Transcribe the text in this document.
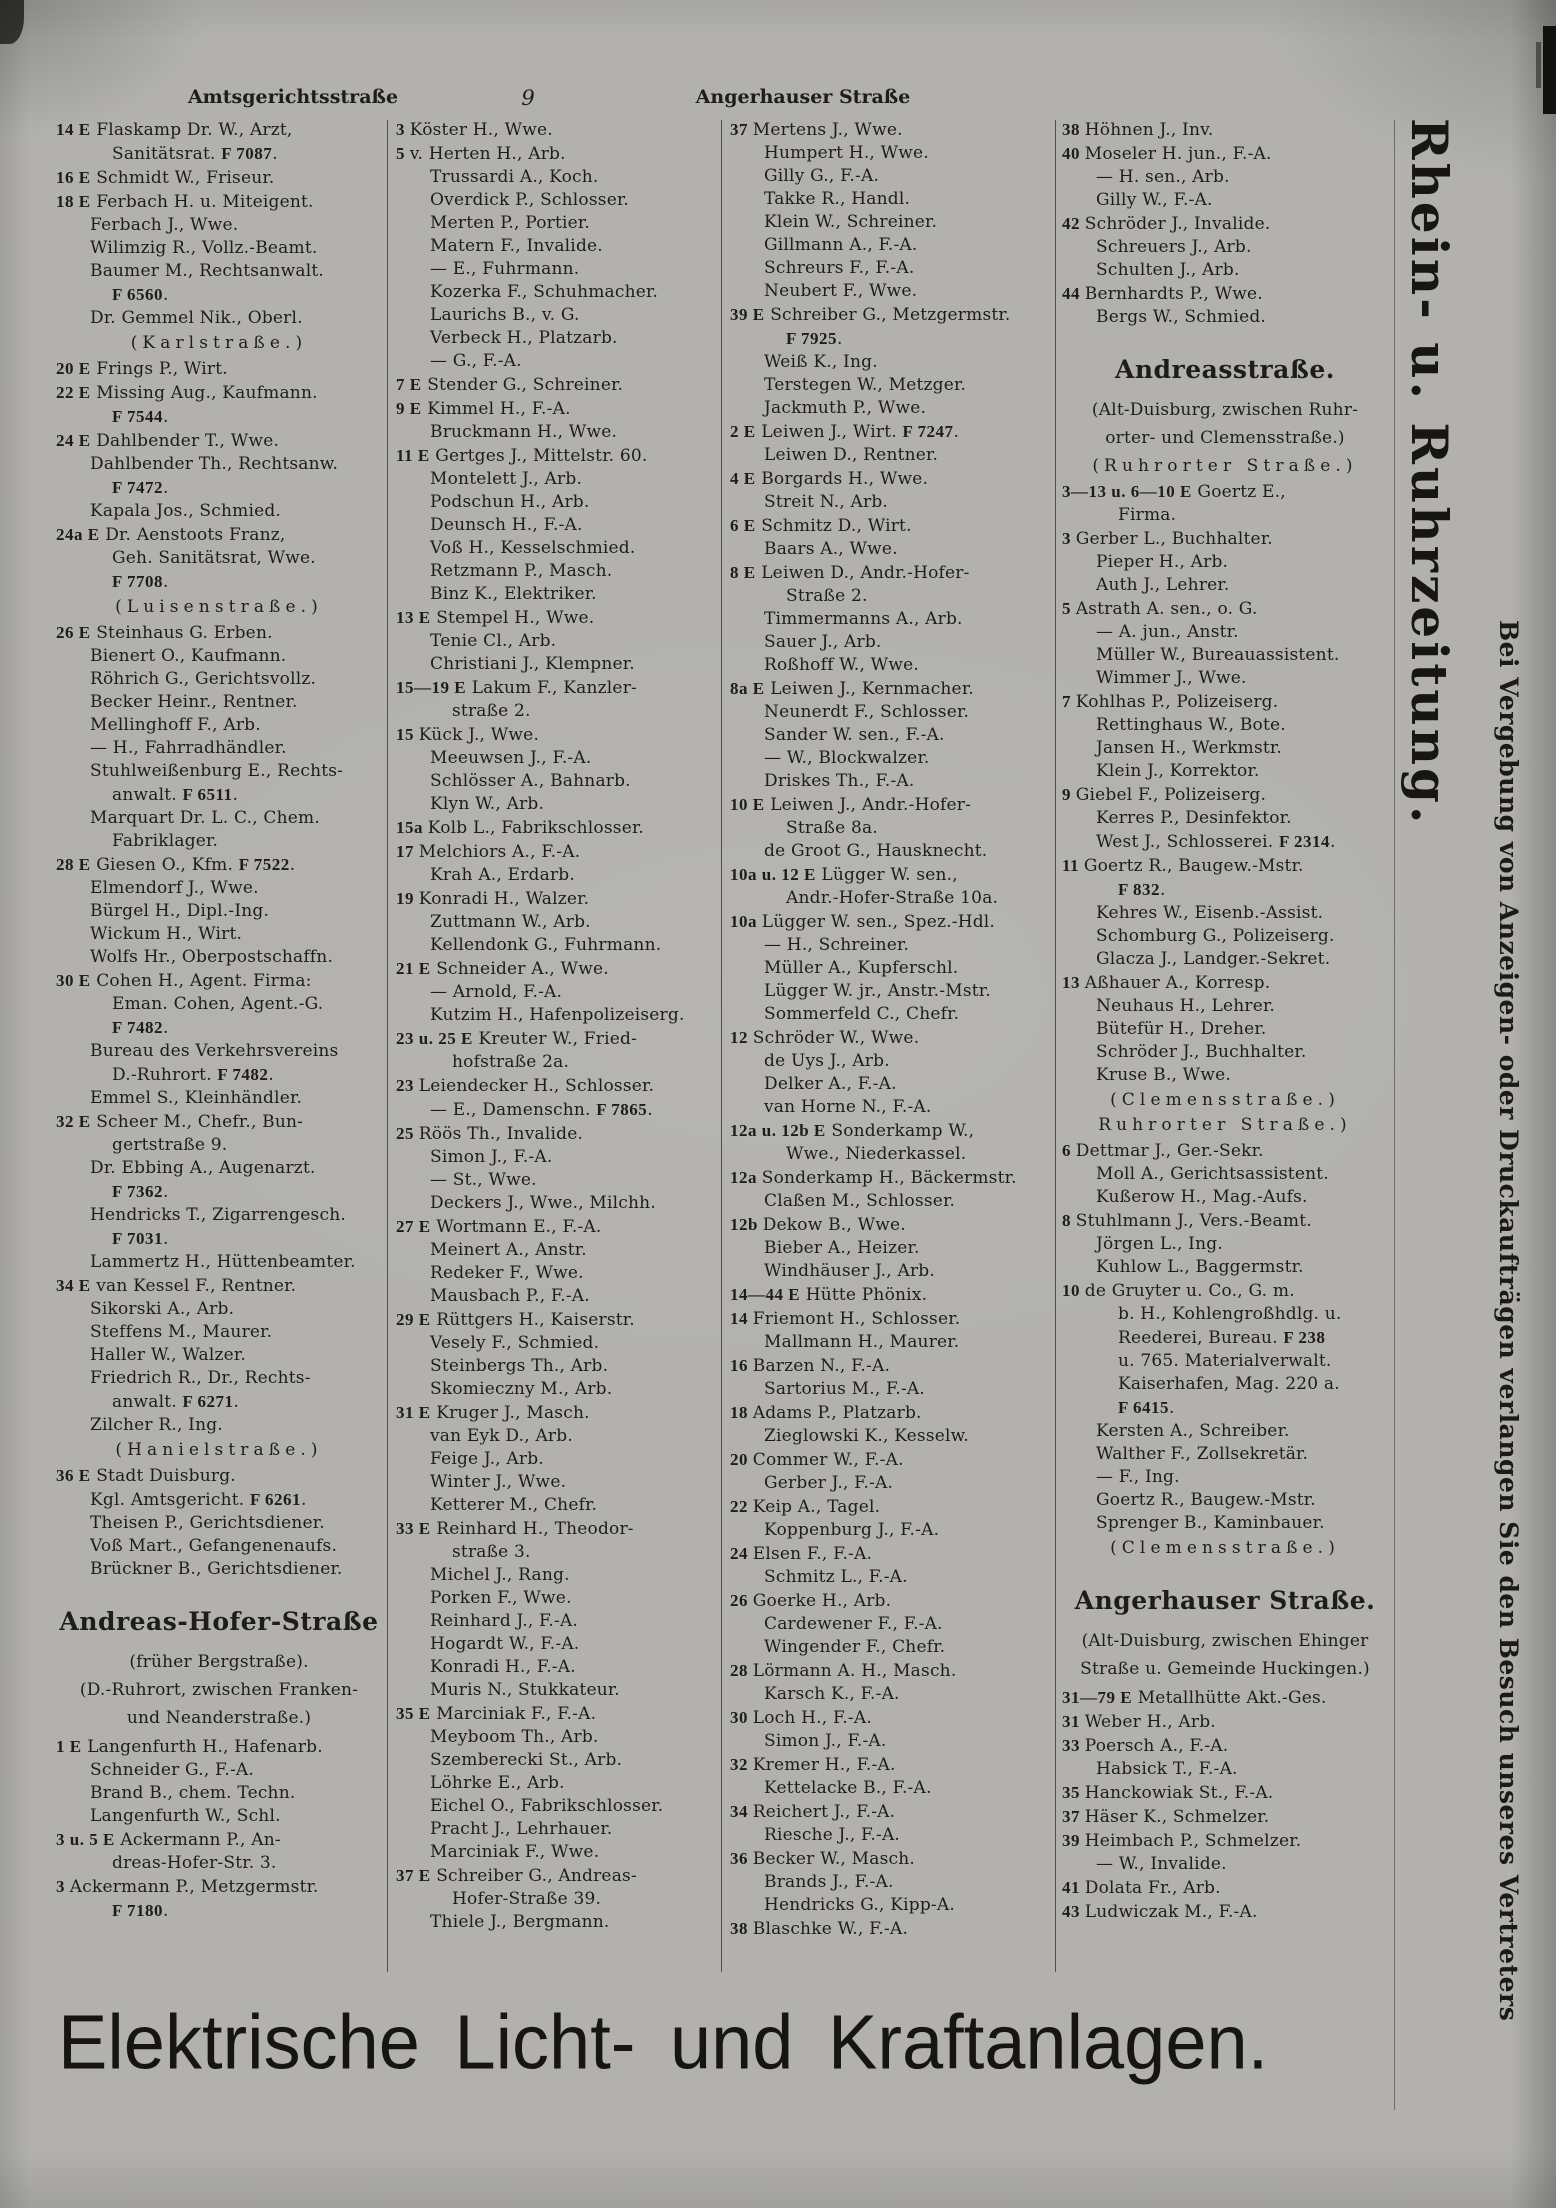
Amtsgerichtsstraße	9	Angerhauser Straße
14 E Flaskamp Dr. W., Arzt,
Sanitätsrat. F 7087.
16 E Schmidt W., Friseur.
18 E Ferbach H. u. Miteigent.
Ferbach J., Wwe.
Wilimzig R., Vollz.-Beamt.
Baumer M., Rechtsanwalt.
F 6560.
Dr. Gemmel Nik., Oberl.
(Karlstraße.)
20 E Frings P., Wirt.
22 E Missing Aug., Kaufmann.
F 7544.
24 E Dahlbender T., Wwe.
Dahlbender Th., Rechtsanw.
F 7472.
Kapala Jos., Schmied.
24a E Dr. Aenstoots Franz,
Geh. Sanitätsrat, Wwe.
F 7708.
(Luisenstraße.)
26 E Steinhaus G. Erben.
Bienert O., Kaufmann.
Röhrich G., Gerichtsvollz.
Becker Heinr., Rentner.
Mellinghoff F., Arb.
— H., Fahrradhändler.
Stuhlweißenburg E., Rechts-
anwalt. F 6511.
Marquart Dr. L. C., Chem.
Fabriklager.
28 E Giesen O., Kfm. F 7522.
Elmendorf J., Wwe.
Bürgel H., Dipl.-Ing.
Wickum H., Wirt.
Wolfs Hr., Oberpostschaffn.
30 E Cohen H., Agent. Firma:
Eman. Cohen, Agent.-G.
F 7482.
Bureau des Verkehrsvereins
D.-Ruhrort. F 7482.
Emmel S., Kleinhändler.
32 E Scheer M., Chefr., Bun-
gertstraße 9.
Dr. Ebbing A., Augenarzt.
F 7362.
Hendricks T., Zigarrengesch.
F 7031.
Lammertz H., Hüttenbeamter.
34 E van Kessel F., Rentner.
Sikorski A., Arb.
Steffens M., Maurer.
Haller W., Walzer.
Friedrich R., Dr., Rechts-
anwalt. F 6271.
Zilcher R., Ing.
(Hanielstraße.)
36 E Stadt Duisburg.
Kgl. Amtsgericht. F 6261.
Theisen P., Gerichtsdiener.
Voß Mart., Gefangenenaufs.
Brückner B., Gerichtsdiener.
Andreas-Hofer-Straße
(früher Bergstraße).
(D.-Ruhrort, zwischen Franken-
und Neanderstraße.)
1 E Langenfurth H., Hafenarb.
Schneider G., F.-A.
Brand B., chem. Techn.
Langenfurth W., Schl.
3 u. 5 E Ackermann P., An-
dreas-Hofer-Str. 3.
3 Ackermann P., Metzgermstr.
F 7180.
3 Köster H., Wwe.
5 v. Herten H., Arb.
Trussardi A., Koch.
Overdick P., Schlosser.
Merten P., Portier.
Matern F., Invalide.
— E., Fuhrmann.
Kozerka F., Schuhmacher.
Laurichs B., v. G.
Verbeck H., Platzarb.
— G., F.-A.
7 E Stender G., Schreiner.
9 E Kimmel H., F.-A.
Bruckmann H., Wwe.
11 E Gertges J., Mittelstr. 60.
Montelett J., Arb.
Podschun H., Arb.
Deunsch H., F.-A.
Voß H., Kesselschmied.
Retzmann P., Masch.
Binz K., Elektriker.
13 E Stempel H., Wwe.
Tenie Cl., Arb.
Christiani J., Klempner.
15—19 E Lakum F., Kanzler-
straße 2.
15 Kück J., Wwe.
Meeuwsen J., F.-A.
Schlösser A., Bahnarb.
Klyn W., Arb.
15a Kolb L., Fabrikschlosser.
17 Melchiors A., F.-A.
Krah A., Erdarb.
19 Konradi H., Walzer.
Zuttmann W., Arb.
Kellendonk G., Fuhrmann.
21 E Schneider A., Wwe.
— Arnold, F.-A.
Kutzim H., Hafenpolizeiserg.
23 u. 25 E Kreuter W., Fried-
hofstraße 2a.
23 Leiendecker H., Schlosser.
— E., Damenschn. F 7865.
25 Röös Th., Invalide.
Simon J., F.-A.
— St., Wwe.
Deckers J., Wwe., Milchh.
27 E Wortmann E., F.-A.
Meinert A., Anstr.
Redeker F., Wwe.
Mausbach P., F.-A.
29 E Rüttgers H., Kaiserstr.
Vesely F., Schmied.
Steinbergs Th., Arb.
Skomieczny M., Arb.
31 E Kruger J., Masch.
van Eyk D., Arb.
Feige J., Arb.
Winter J., Wwe.
Ketterer M., Chefr.
33 E Reinhard H., Theodor-
straße 3.
Michel J., Rang.
Porken F., Wwe.
Reinhard J., F.-A.
Hogardt W., F.-A.
Konradi H., F.-A.
Muris N., Stukkateur.
35 E Marciniak F., F.-A.
Meyboom Th., Arb.
Szemberecki St., Arb.
Löhrke E., Arb.
Eichel O., Fabrikschlosser.
Pracht J., Lehrhauer.
Marciniak F., Wwe.
37 E Schreiber G., Andreas-
Hofer-Straße 39.
Thiele J., Bergmann.
37 Mertens J., Wwe.
Humpert H., Wwe.
Gilly G., F.-A.
Takke R., Handl.
Klein W., Schreiner.
Gillmann A., F.-A.
Schreurs F., F.-A.
Neubert F., Wwe.
39 E Schreiber G., Metzgermstr.
F 7925.
Weiß K., Ing.
Terstegen W., Metzger.
Jackmuth P., Wwe.
2 E Leiwen J., Wirt. F 7247.
Leiwen D., Rentner.
4 E Borgards H., Wwe.
Streit N., Arb.
6 E Schmitz D., Wirt.
Baars A., Wwe.
8 E Leiwen D., Andr.-Hofer-
Straße 2.
Timmermanns A., Arb.
Sauer J., Arb.
Roßhoff W., Wwe.
8a E Leiwen J., Kernmacher.
Neunerdt F., Schlosser.
Sander W. sen., F.-A.
— W., Blockwalzer.
Driskes Th., F.-A.
10 E Leiwen J., Andr.-Hofer-
Straße 8a.
de Groot G., Hausknecht.
10a u. 12 E Lügger W. sen.,
Andr.-Hofer-Straße 10a.
10a Lügger W. sen., Spez.-Hdl.
— H., Schreiner.
Müller A., Kupferschl.
Lügger W. jr., Anstr.-Mstr.
Sommerfeld C., Chefr.
12 Schröder W., Wwe.
de Uys J., Arb.
Delker A., F.-A.
van Horne N., F.-A.
12a u. 12b E Sonderkamp W.,
Wwe., Niederkassel.
12a Sonderkamp H., Bäckermstr.
Claßen M., Schlosser.
12b Dekow B., Wwe.
Bieber A., Heizer.
Windhäuser J., Arb.
14—44 E Hütte Phönix.
14 Friemont H., Schlosser.
Mallmann H., Maurer.
16 Barzen N., F.-A.
Sartorius M., F.-A.
18 Adams P., Platzarb.
Zieglowski K., Kesselw.
20 Commer W., F.-A.
Gerber J., F.-A.
22 Keip A., Tagel.
Koppenburg J., F.-A.
24 Elsen F., F.-A.
Schmitz L., F.-A.
26 Goerke H., Arb.
Cardewener F., F.-A.
Wingender F., Chefr.
28 Lörmann A. H., Masch.
Karsch K., F.-A.
30 Loch H., F.-A.
Simon J., F.-A.
32 Kremer H., F.-A.
Kettelacke B., F.-A.
34 Reichert J., F.-A.
Riesche J., F.-A.
36 Becker W., Masch.
Brands J., F.-A.
Hendricks G., Kipp-A.
38 Blaschke W., F.-A.
38 Höhnen J., Inv.
40 Moseler H. jun., F.-A.
— H. sen., Arb.
Gilly W., F.-A.
42 Schröder J., Invalide.
Schreuers J., Arb.
Schulten J., Arb.
44 Bernhardts P., Wwe.
Bergs W., Schmied.
Andreasstraße.
(Alt-Duisburg, zwischen Ruhr-
orter- und Clemensstraße.)
(Ruhrorter Straße.)
3—13 u. 6—10 E Goertz E.,
Firma.
3 Gerber L., Buchhalter.
Pieper H., Arb.
Auth J., Lehrer.
5 Astrath A. sen., o. G.
— A. jun., Anstr.
Müller W., Bureauassistent.
Wimmer J., Wwe.
7 Kohlhas P., Polizeiserg.
Rettinghaus W., Bote.
Jansen H., Werkmstr.
Klein J., Korrektor.
9 Giebel F., Polizeiserg.
Kerres P., Desinfektor.
West J., Schlosserei. F 2314.
11 Goertz R., Baugew.-Mstr.
F 832.
Kehres W., Eisenb.-Assist.
Schomburg G., Polizeiserg.
Glacza J., Landger.-Sekret.
13 Aßhauer A., Korresp.
Neuhaus H., Lehrer.
Bütefür H., Dreher.
Schröder J., Buchhalter.
Kruse B., Wwe.
(Clemensstraße.)
Ruhrorter Straße.)
6 Dettmar J., Ger.-Sekr.
Moll A., Gerichtsassistent.
Kußerow H., Mag.-Aufs.
8 Stuhlmann J., Vers.-Beamt.
Jörgen L., Ing.
Kuhlow L., Baggermstr.
10 de Gruyter u. Co., G. m.
b. H., Kohlengroßhdlg. u.
Reederei, Bureau. F 238
u. 765. Materialverwalt.
Kaiserhafen, Mag. 220 a.
F 6415.
Kersten A., Schreiber.
Walther F., Zollsekretär.
— F., Ing.
Goertz R., Baugew.-Mstr.
Sprenger B., Kaminbauer.
(Clemensstraße.)
Angerhauser Straße.
(Alt-Duisburg, zwischen Ehinger
Straße u. Gemeinde Huckingen.)
31—79 E Metallhütte Akt.-Ges.
31 Weber H., Arb.
33 Poersch A., F.-A.
Habsick T., F.-A.
35 Hanckowiak St., F.-A.
37 Häser K., Schmelzer.
39 Heimbach P., Schmelzer.
— W., Invalide.
41 Dolata Fr., Arb.
43 Ludwiczak M., F.-A.
Rhein- u. Ruhrzeitung.
Bei Vergebung von Anzeigen- oder Druckaufträgen verlangen Sie den Besuch unseres Vertreters
Elektrische Licht- und Kraftanlagen.
